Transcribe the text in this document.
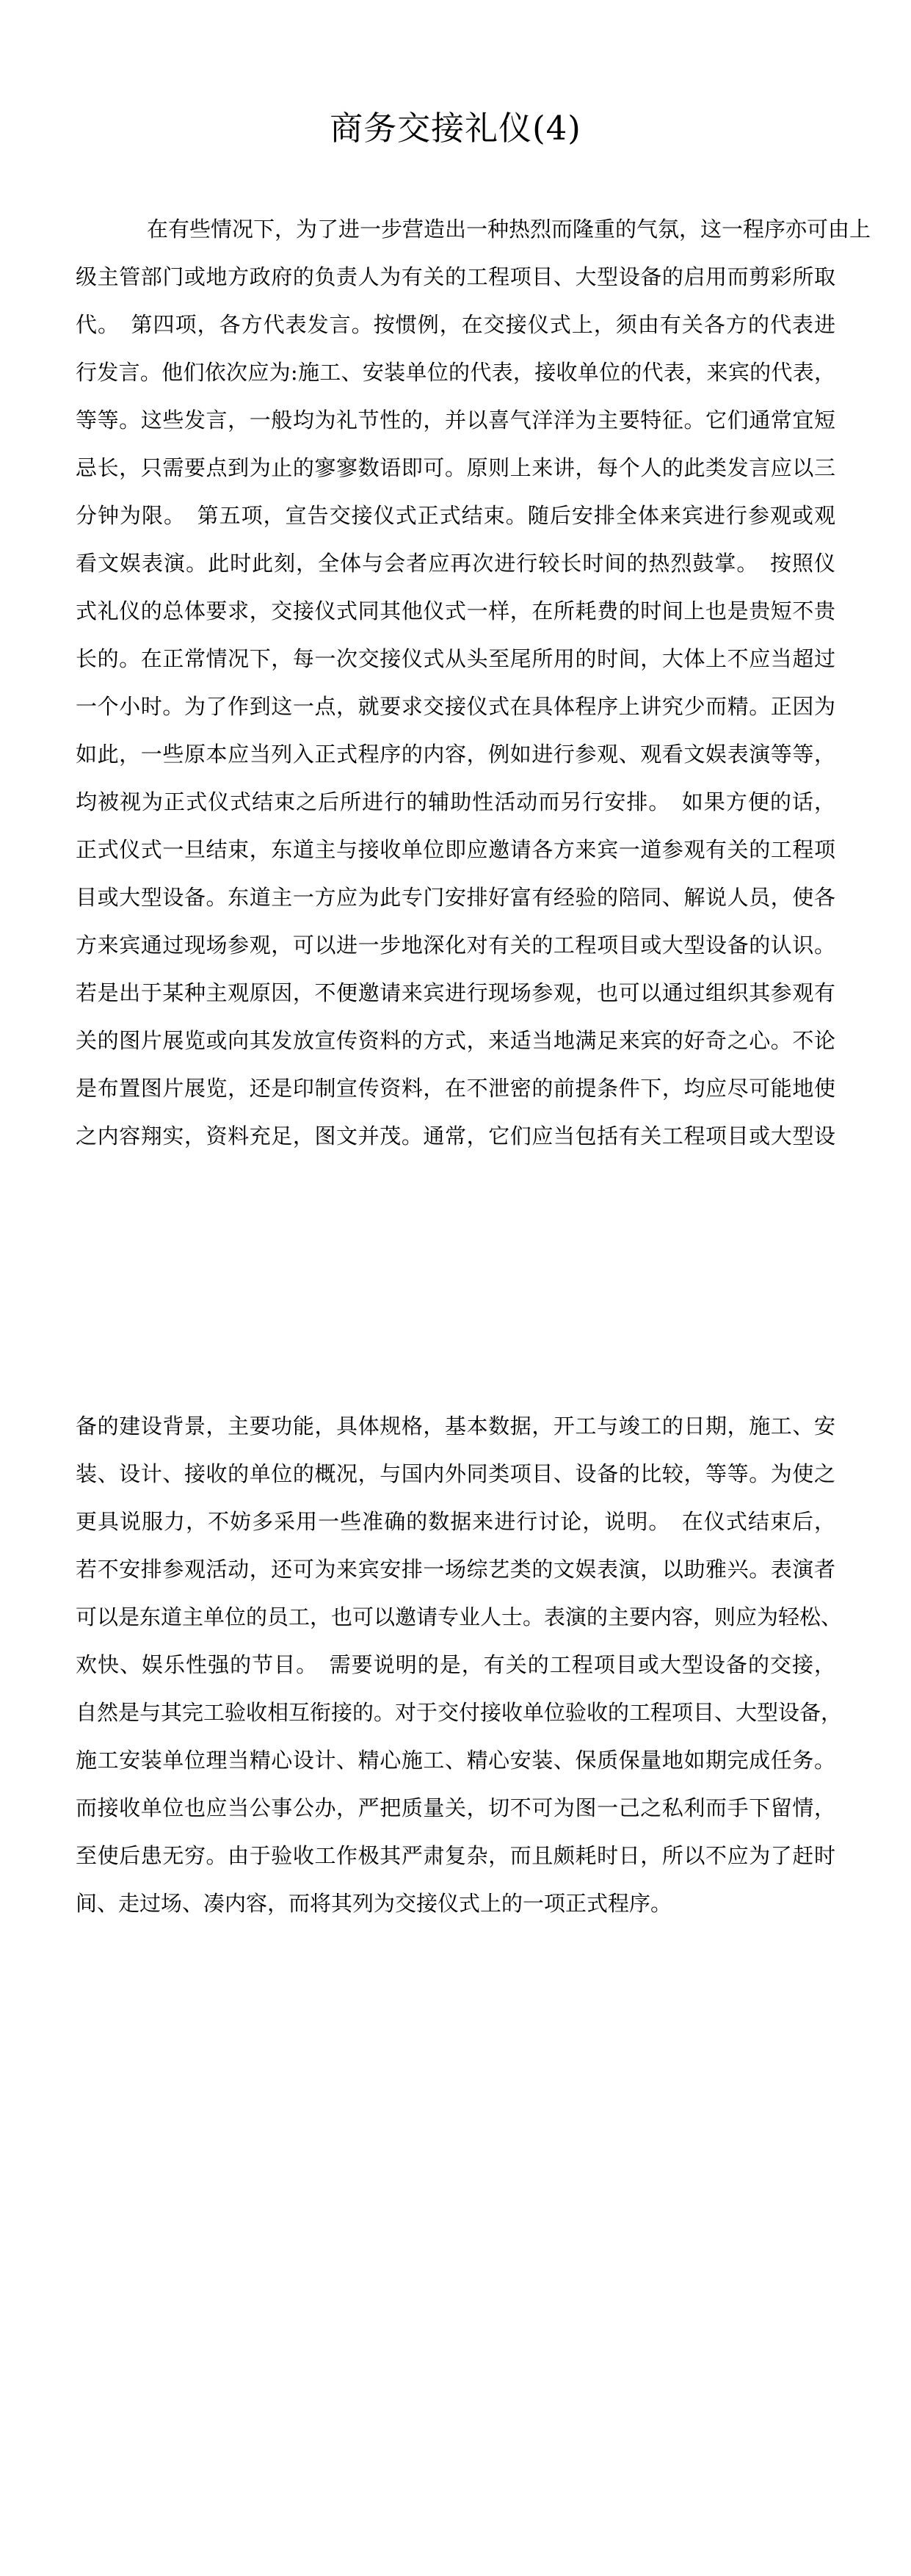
商务交接礼仪(4)
在有些情况下，为了进一步营造出一种热烈而隆重的气氛，这一程序亦可由上
级主管部门或地方政府的负责人为有关的工程项目、大型设备的启用而剪彩所取
代。　第四项，各方代表发言。按惯例，在交接仪式上，须由有关各方的代表进
行发言。他们依次应为:施工、安装单位的代表，接收单位的代表，来宾的代表，
等等。这些发言，一般均为礼节性的，并以喜气洋洋为主要特征。它们通常宜短
忌长，只需要点到为止的寥寥数语即可。原则上来讲，每个人的此类发言应以三
分钟为限。　第五项，宣告交接仪式正式结束。随后安排全体来宾进行参观或观
看文娱表演。此时此刻，全体与会者应再次进行较长时间的热烈鼓掌。　按照仪
式礼仪的总体要求，交接仪式同其他仪式一样，在所耗费的时间上也是贵短不贵
长的。在正常情况下，每一次交接仪式从头至尾所用的时间，大体上不应当超过
一个小时。为了作到这一点，就要求交接仪式在具体程序上讲究少而精。正因为
如此，一些原本应当列入正式程序的内容，例如进行参观、观看文娱表演等等，
均被视为正式仪式结束之后所进行的辅助性活动而另行安排。　如果方便的话，
正式仪式一旦结束，东道主与接收单位即应邀请各方来宾一道参观有关的工程项
目或大型设备。东道主一方应为此专门安排好富有经验的陪同、解说人员，使各
方来宾通过现场参观，可以进一步地深化对有关的工程项目或大型设备的认识。
若是出于某种主观原因，不便邀请来宾进行现场参观，也可以通过组织其参观有
关的图片展览或向其发放宣传资料的方式，来适当地满足来宾的好奇之心。不论
是布置图片展览，还是印制宣传资料，在不泄密的前提条件下，均应尽可能地使
之内容翔实，资料充足，图文并茂。通常，它们应当包括有关工程项目或大型设
备的建设背景，主要功能，具体规格，基本数据，开工与竣工的日期，施工、安
装、设计、接收的单位的概况，与国内外同类项目、设备的比较，等等。为使之
更具说服力，不妨多采用一些准确的数据来进行讨论，说明。　在仪式结束后，
若不安排参观活动，还可为来宾安排一场综艺类的文娱表演，以助雅兴。表演者
可以是东道主单位的员工，也可以邀请专业人士。表演的主要内容，则应为轻松、
欢快、娱乐性强的节目。　需要说明的是，有关的工程项目或大型设备的交接，
自然是与其完工验收相互衔接的。对于交付接收单位验收的工程项目、大型设备，
施工安装单位理当精心设计、精心施工、精心安装、保质保量地如期完成任务。
而接收单位也应当公事公办，严把质量关，切不可为图一己之私利而手下留情，
至使后患无穷。由于验收工作极其严肃复杂，而且颇耗时日，所以不应为了赶时
间、走过场、凑内容，而将其列为交接仪式上的一项正式程序。
